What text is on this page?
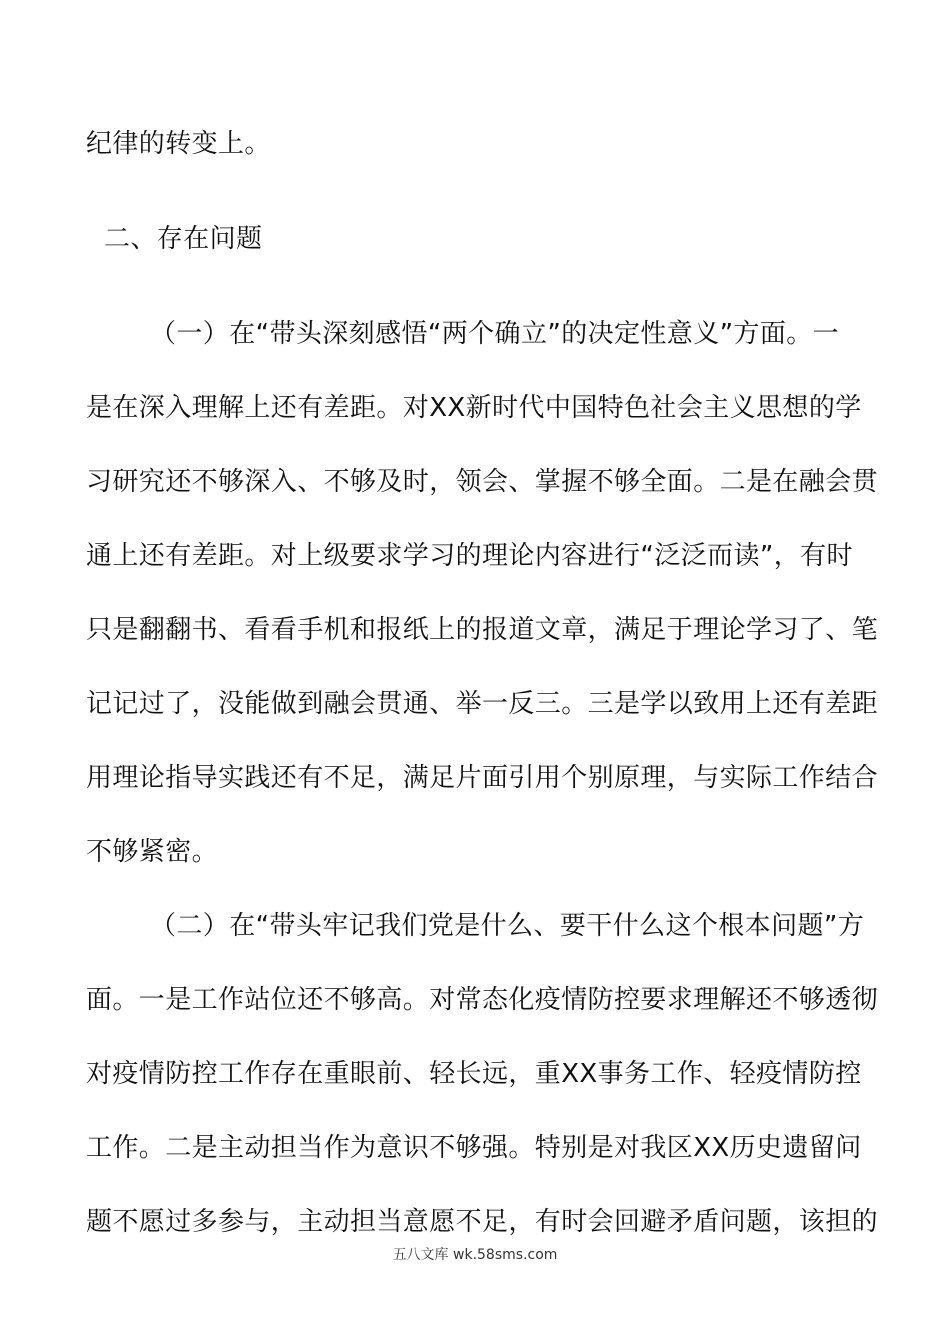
纪律的转变上。
二、存在问题
（一）在“带头深刻感悟“两个确立”的决定性意义”方面。一
是在深入理解上还有差距。对XX新时代中国特色社会主义思想的学
习研究还不够深入、不够及时，领会、掌握不够全面。二是在融会贯
通上还有差距。对上级要求学习的理论内容进行“泛泛而读”，有时
只是翻翻书、看看手机和报纸上的报道文章，满足于理论学习了、笔
记记过了，没能做到融会贯通、举一反三。三是学以致用上还有差距
用理论指导实践还有不足，满足片面引用个别原理，与实际工作结合
不够紧密。
（二）在“带头牢记我们党是什么、要干什么这个根本问题”方
面。一是工作站位还不够高。对常态化疫情防控要求理解还不够透彻
对疫情防控工作存在重眼前、轻长远，重XX事务工作、轻疫情防控
工作。二是主动担当作为意识不够强。特别是对我区XX历史遗留问
题不愿过多参与，主动担当意愿不足，有时会回避矛盾问题，该担的
五八文库 wk.58sms.com
